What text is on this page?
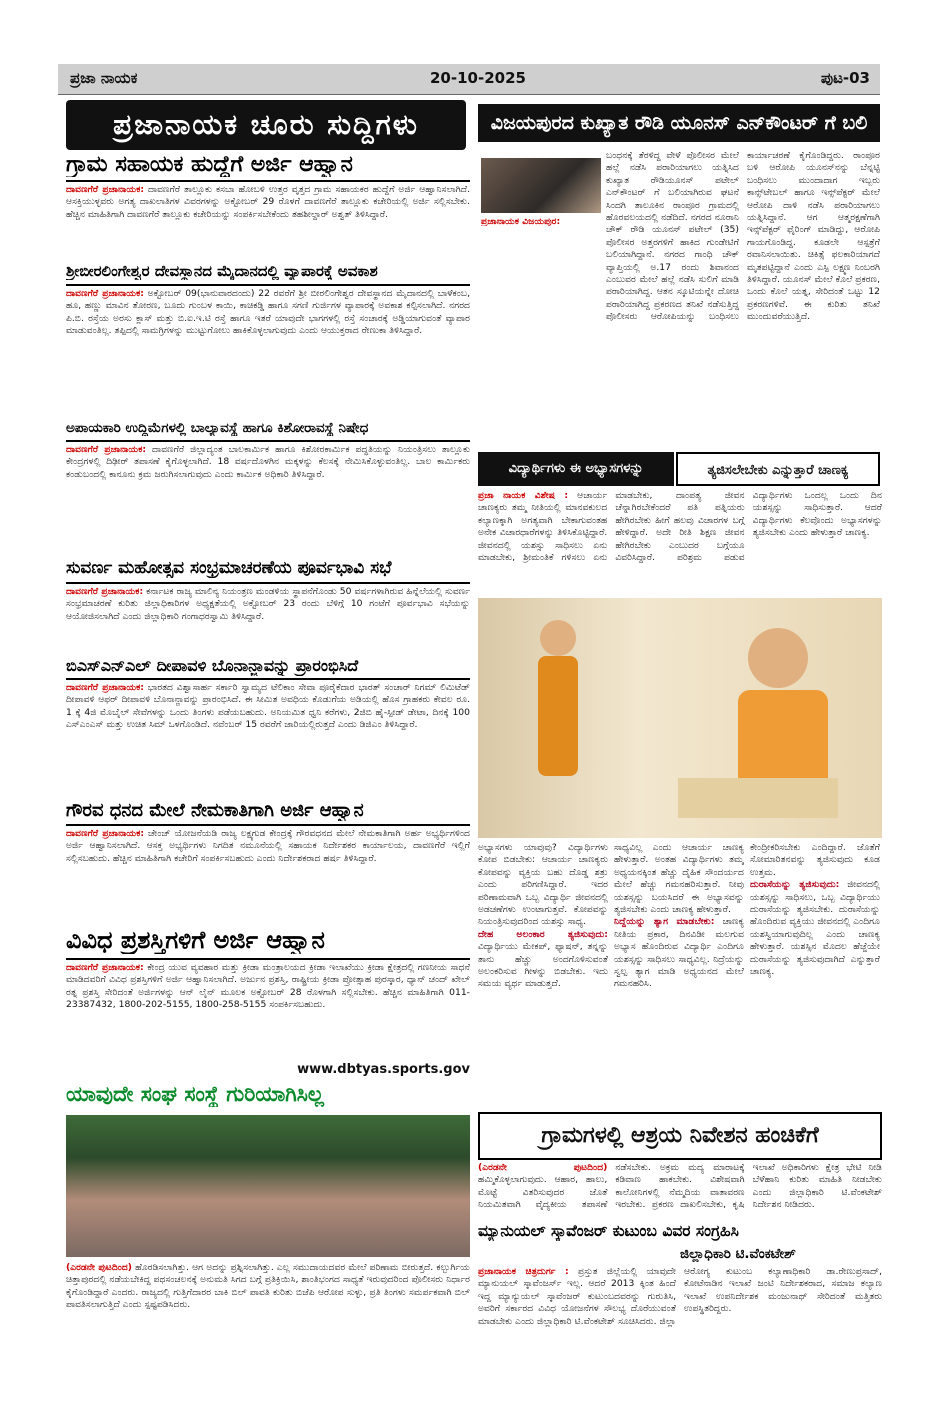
ಪ್ರಜಾ ನಾಯಕ	20-10-2025	ಪುಟ-03
ಪ್ರಜಾನಾಯಕ ಚೂರು ಸುದ್ದಿಗಳು	ವಿಜಯಪುರದ ಕುಖ್ಯಾತ ರೌಡಿ ಯೂನಸ್ ಎನ್‌ಕೌಂಟರ್ ಗೆ ಬಲಿ
ಗ್ರಾಮ ಸಹಾಯಕ ಹುದ್ದೆಗೆ ಅರ್ಜಿ ಆಹ್ವಾನ
ದಾವಣಗೆರೆ ಪ್ರಜಾನಾಯಕ: ದಾವಣಗೆರೆ ತಾಲ್ಲೂಕು ಕಸಬಾ ಹೋಬಳಿ ಉತ್ತರ ವೃತ್ತದ ಗ್ರಾಮ ಸಹಾಯಕರ ಹುದ್ದೆಗೆ ಅರ್ಜಿ ಆಹ್ವಾನಿಸಲಾಗಿದೆ. ಆಸಕ್ತಿಯುಳ್ಳವರು ಅಗತ್ಯ ದಾಖಲಾತಿಗಳ ವಿವರಗಳನ್ನು ಅಕ್ಟೋಬರ್ 29 ರೊಳಗೆ ದಾವಣಗೆರೆ ತಾಲ್ಲೂಕು ಕಚೇರಿಯಲ್ಲಿ ಅರ್ಜಿ ಸಲ್ಲಿಸಬೇಕು. ಹೆಚ್ಚಿನ ಮಾಹಿತಿಗಾಗಿ ದಾವಣಗೆರೆ ತಾಲ್ಲೂಕು ಕಚೇರಿಯನ್ನು ಸಂಪರ್ಕಿಸಬೇಕೆಂದು ತಹಶೀಲ್ದಾರ್ ಅಶ್ವತ್ ತಿಳಿಸಿದ್ದಾರೆ.
ಶ್ರೀಬೀರಲಿಂಗೇಶ್ವರ ದೇವಸ್ಥಾನದ ಮೈದಾನದಲ್ಲಿ ವ್ಯಾಪಾರಕ್ಕೆ ಅವಕಾಶ
ದಾವಣಗೆರೆ ಪ್ರಜಾನಾಯಕ: ಅಕ್ಟೋಬರ್ 09(ಭಾನುವಾರದಂದು) 22 ರವರೆಗೆ ಶ್ರೀ ಬೀರಲಿಂಗೇಶ್ವರ ದೇವಸ್ಥಾನದ ಮೈದಾನದಲ್ಲಿ ಬಾಳೆಕಂಬ, ಹೂ, ಹಣ್ಣು ಮಾವಿನ ತೋರಣ, ಬೂದು ಗುಂಬಳ ಕಾಯಿ, ಕಾಚಿಕಡ್ಡಿ ಹಾಗೂ ಸಗಣಿ ಗುರ್ಜಿಗಳ ವ್ಯಾಪಾರಕ್ಕೆ ಅವಕಾಶ ಕಲ್ಪಿಸಲಾಗಿದೆ. ನಗರದ ಪಿ.ಬಿ. ರಸ್ತೆಯ ಅರಸು ಕ್ಲಾಸ್ ಮತ್ತು ಬಿ.ಐ.ಇ.ಟಿ ರಸ್ತೆ ಹಾಗೂ ಇತರೆ ಯಾವುದೇ ಭಾಗಗಳಲ್ಲಿ ರಸ್ತೆ ಸಂಚಾರಕ್ಕೆ ಅಡ್ಡಿಯಾಗುವಂತೆ ವ್ಯಾಪಾರ ಮಾಡುವಂತಿಲ್ಲ. ತಪ್ಪಿದಲ್ಲಿ ಸಾಮಗ್ರಿಗಳನ್ನು ಮುಟ್ಟುಗೋಲು ಹಾಕಿಕೊಳ್ಳಲಾಗುವುದು ಎಂದು ಆಯುಕ್ತರಾದ ರೇಣುಕಾ ತಿಳಿಸಿದ್ದಾರೆ.
ಅಪಾಯಕಾರಿ ಉದ್ದಿಮೆಗಳಲ್ಲಿ ಬಾಲ್ಯಾವಸ್ಥೆ ಹಾಗೂ ಕಿಶೋರಾವಸ್ಥೆ ನಿಷೇಧ
ದಾವಣಗೆರೆ ಪ್ರಜಾನಾಯಕ: ದಾವಣಗೆರೆ ಜಿಲ್ಲಾದ್ಯಂತ ಬಾಲಕಾರ್ಮಿಕ ಹಾಗೂ ಕಿಶೋರಕಾರ್ಮಿಕ ಪದ್ಧತಿಯನ್ನು ನಿಯಂತ್ರಿಸಲು ತಾಲ್ಲೂಕು ಕೇಂದ್ರಗಳಲ್ಲಿ ದಿಢೀರ್ ತಪಾಸಣೆ ಕೈಗೊಳ್ಳಲಾಗಿದೆ. 18 ವರ್ಷದೊಳಗಿನ ಮಕ್ಕಳನ್ನು ಕೆಲಸಕ್ಕೆ ನೇಮಿಸಿಕೊಳ್ಳುವಂತಿಲ್ಲ. ಬಾಲ ಕಾರ್ಮಿಕರು ಕಂಡುಬಂದಲ್ಲಿ ಕಾನೂನು ಕ್ರಮ ಜರುಗಿಸಲಾಗುವುದು ಎಂದು ಕಾರ್ಮಿಕ ಅಧಿಕಾರಿ ತಿಳಿಸಿದ್ದಾರೆ.
ಸುವರ್ಣ ಮಹೋತ್ಸವ ಸಂಭ್ರಮಾಚರಣೆಯ ಪೂರ್ವಭಾವಿ ಸಭೆ
ದಾವಣಗೆರೆ ಪ್ರಜಾನಾಯಕ: ಕರ್ನಾಟಕ ರಾಜ್ಯ ಮಾಲಿನ್ಯ ನಿಯಂತ್ರಣ ಮಂಡಳಿಯ ಸ್ಥಾಪನೆಗೊಂಡು 50 ವರ್ಷಗಳಾಗಿರುವ ಹಿನ್ನೆಲೆಯಲ್ಲಿ ಸುವರ್ಣ ಸಂಭ್ರಮಾಚರಣೆ ಕುರಿತು ಜಿಲ್ಲಾಧಿಕಾರಿಗಳ ಅಧ್ಯಕ್ಷತೆಯಲ್ಲಿ ಅಕ್ಟೋಬರ್ 23 ರಂದು ಬೆಳಿಗ್ಗೆ 10 ಗಂಟೆಗೆ ಪೂರ್ವಭಾವಿ ಸಭೆಯನ್ನು ಆಯೋಜಿಸಲಾಗಿದೆ ಎಂದು ಜಿಲ್ಲಾಧಿಕಾರಿ ಗಂಗಾಧರಸ್ವಾಮಿ ತಿಳಿಸಿದ್ದಾರೆ.
ಬಿಎಸ್‌ಎನ್‌ಎಲ್ ದೀಪಾವಳಿ ಬೊನಾನ್ಜಾವನ್ನು ಪ್ರಾರಂಭಿಸಿದೆ
ದಾವಣಗೆರೆ ಪ್ರಜಾನಾಯಕ: ಭಾರತದ ವಿಶ್ವಾಸಾರ್ಹ ಸರ್ಕಾರಿ ಸ್ವಾಮ್ಯದ ಟೆಲಿಕಾಂ ಸೇವಾ ಪೂರೈಕೆದಾರ ಭಾರತ್ ಸಂಚಾರ್ ನಿಗಮ್ ಲಿಮಿಟೆಡ್ ದೀಪಾವಳಿ ಆಫರ್ ದೀಪಾವಳಿ ಬೊನಾನ್ಜಾವನ್ನು ಪ್ರಾರಂಭಿಸಿದೆ. ಈ ಸೀಮಿತ ಅವಧಿಯ ಕೊಡುಗೆಯ ಅಡಿಯಲ್ಲಿ ಹೊಸ ಗ್ರಾಹಕರು ಕೇವಲ ರೂ. 1 ಕ್ಕೆ 4ಜಿ ಮೊಬೈಲ್ ಸೇವೆಗಳನ್ನು ಒಂದು ತಿಂಗಳು ಪಡೆಯಬಹುದು. ಅನಿಯಮಿತ ಧ್ವನಿ ಕರೆಗಳು, 2ಜಿಬಿ ಹೈ-ಸ್ಪೀಡ್ ಡೇಟಾ, ದಿನಕ್ಕೆ 100 ಎಸ್‌ಎಂಎಸ್ ಮತ್ತು ಉಚಿತ ಸಿಮ್ ಒಳಗೊಂಡಿದೆ. ನವೆಂಬರ್ 15 ರವರೆಗೆ ಜಾರಿಯಲ್ಲಿರುತ್ತದೆ ಎಂದು ಡಿಜಿಎಂ ತಿಳಿಸಿದ್ದಾರೆ.
ಗೌರವ ಧನದ ಮೇಲೆ ನೇಮಕಾತಿಗಾಗಿ ಅರ್ಜಿ ಆಹ್ವಾನ
ದಾವಣಗೆರೆ ಪ್ರಜಾನಾಯಕ: ಚೇಂಜ್ ಯೋಜನೆಯಡಿ ರಾಜ್ಯ ಲಕ್ಷ್ಯಗುಡ ಕೇಂದ್ರಕ್ಕೆ ಗೌರವಧನದ ಮೇಲೆ ನೇಮಕಾತಿಗಾಗಿ ಅರ್ಹ ಅಭ್ಯರ್ಥಿಗಳಿಂದ ಅರ್ಜಿ ಆಹ್ವಾನಿಸಲಾಗಿದೆ. ಆಸಕ್ತ ಅಭ್ಯರ್ಥಿಗಳು ನಿಗದಿತ ನಮೂನೆಯಲ್ಲಿ ಸಹಾಯಕ ನಿರ್ದೇಶಕರ ಕಾರ್ಯಾಲಯ, ದಾವಣಗೆರೆ ಇಲ್ಲಿಗೆ ಸಲ್ಲಿಸಬಹುದು. ಹೆಚ್ಚಿನ ಮಾಹಿತಿಗಾಗಿ ಕಚೇರಿಗೆ ಸಂಪರ್ಕಿಸಬಹುದು ಎಂದು ನಿರ್ದೇಶಕರಾದ ಹರ್ಷ ತಿಳಿಸಿದ್ದಾರೆ.
ವಿವಿಧ ಪ್ರಶಸ್ತಿಗಳಿಗೆ ಅರ್ಜಿ ಆಹ್ವಾನ
ದಾವಣಗೆರೆ ಪ್ರಜಾನಾಯಕ: ಕೇಂದ್ರ ಯುವ ವ್ಯವಹಾರ ಮತ್ತು ಕ್ರೀಡಾ ಮಂತ್ರಾಲಯದ ಕ್ರೀಡಾ ಇಲಾಖೆಯು ಕ್ರೀಡಾ ಕ್ಷೇತ್ರದಲ್ಲಿ ಗಣನೀಯ ಸಾಧನೆ ಮಾಡಿದವರಿಗೆ ವಿವಿಧ ಪ್ರಶಸ್ತಿಗಳಿಗೆ ಅರ್ಜಿ ಆಹ್ವಾನಿಸಲಾಗಿದೆ. ಅರ್ಜುನ ಪ್ರಶಸ್ತಿ, ರಾಷ್ಟ್ರೀಯ ಕ್ರೀಡಾ ಪ್ರೋತ್ಸಾಹ ಪುರಸ್ಕಾರ, ಧ್ಯಾನ್ ಚಂದ್ ಖೇಲ್ ರತ್ನ ಪ್ರಶಸ್ತಿ ಸೇರಿದಂತೆ ಅರ್ಜಿಗಳನ್ನು ಆನ್ ಲೈನ್ ಮೂಲಕ ಅಕ್ಟೋಬರ್ 28 ರೊಳಗಾಗಿ ಸಲ್ಲಿಸಬೇಕು. ಹೆಚ್ಚಿನ ಮಾಹಿತಿಗಾಗಿ 011-23387432, 1800-202-5155, 1800-258-5155 ಸಂಪರ್ಕಿಸಬಹುದು.
www.dbtyas.sports.gov
ಯಾವುದೇ ಸಂಘ ಸಂಸ್ಥೆ ಗುರಿಯಾಗಿಸಿಲ್ಲ
(ಎರಡನೇ ಪುಟದಿಂದ) ಹೊರಡಿಸಲಾಗಿತ್ತು. ಆಗ ಅದನ್ನು ಪ್ರಶ್ನಿಸಲಾಗಿತ್ತು. ಎಲ್ಲ ಸಮುದಾಯದವರ ಮೇಲೆ ಪರಿಣಾಮ ಬೀರುತ್ತದೆ. ಕಲ್ಬುರ್ಗಿಯ ಚಿತ್ತಾಪುರದಲ್ಲಿ ನಡೆಯಬೇಕಿದ್ದ ಪಥಸಂಚಲನಕ್ಕೆ ಅನುಮತಿ ಸಿಗದ ಬಗ್ಗೆ ಪ್ರತಿಕ್ರಿಯಿಸಿ, ಶಾಂತಿಭಂಗದ ಸಾಧ್ಯತೆ ಇರುವುದರಿಂದ ಪೊಲೀಸರು ನಿರ್ಧಾರ ಕೈಗೊಂಡಿದ್ದಾರೆ ಎಂದರು. ರಾಜ್ಯದಲ್ಲಿ ಗುತ್ತಿಗೆದಾರರ ಬಾಕಿ ಬಿಲ್ ಪಾವತಿ ಕುರಿತು ಬಿಜೆಪಿ ಆರೋಪ ಸುಳ್ಳು, ಪ್ರತಿ ತಿಂಗಳು ಸಮರ್ಪಕವಾಗಿ ಬಿಲ್ ಪಾವತಿಸಲಾಗುತ್ತಿದೆ ಎಂದು ಸ್ಪಷ್ಟಪಡಿಸಿದರು.
ಪ್ರಜಾನಾಯಕ ವಿಜಯಪುರ:
ಬಂಧನಕ್ಕೆ ತೆರಳಿದ್ದ ವೇಳೆ ಪೊಲೀಸರ ಮೇಲೆ ಹಲ್ಲೆ ನಡೆಸಿ ಪರಾರಿಯಾಗಲು ಯತ್ನಿಸಿದ ಕುಖ್ಯಾತ ರೌಡಿಯೂನಸ್ ಪಟೇಲ್ ಎನ್‌ಕೌಂಟರ್ ಗೆ ಬಲಿಯಾಗಿರುವ ಘಟನೆ ಸಿಂದಗಿ ತಾಲೂಕಿನ ರಾಂಪೂರ ಗ್ರಾಮದಲ್ಲಿ ಹೊರವಲಯದಲ್ಲಿ ನಡೆದಿದೆ. ನಗರದ ನೂರಾನಿ ಚೌಕ್ ರೌಡಿ ಯೂನಸ್ ಪಟೇಲ್ (35) ಪೊಲೀಸರ ಅತ್ತರಗಳಿಗೆ ಹಾಕಿದ ಗುಂಡೇಟಿಗೆ ಬಲಿಯಾಗಿದ್ದಾನೆ. ನಗರದ ಗಾಂಧಿ ಚೌಕ್ ವ್ಯಾಪ್ತಿಯಲ್ಲಿ ಅ.17 ರಂದು ಶಿವಾನಂದ ಎಂಬುವರ ಮೇಲೆ ಹಲ್ಲೆ ನಡೆಸಿ ಸುಲಿಗೆ ಮಾಡಿ ಪರಾರಿಯಾಗಿದ್ದ. ಆತನ ಸ್ಕೂಟಿಯನ್ನೇ ದೋಚಿ ಪರಾರಿಯಾಗಿದ್ದ ಪ್ರಕರಣದ ತನಿಖೆ ನಡೆಸುತ್ತಿದ್ದ ಪೊಲೀಸರು ಆರೋಪಿಯನ್ನು ಬಂಧಿಸಲು ಕಾರ್ಯಾಚರಣೆ ಕೈಗೊಂಡಿದ್ದರು. ರಾಂಪೂರ ಬಳಿ ಆರೋಪಿ ಯೂನಸ್‌ನನ್ನು ಬೆನ್ನಟ್ಟಿ ಬಂಧಿಸಲು ಮುಂದಾದಾಗ ಇಬ್ಬರು ಕಾನ್ಸ್‌ಟೇಬಲ್ ಹಾಗೂ ಇನ್ಸ್‌ಪೆಕ್ಟರ್ ಮೇಲೆ ಆರೋಪಿ ದಾಳಿ ನಡೆಸಿ ಪರಾರಿಯಾಗಲು ಯತ್ನಿಸಿದ್ದಾನೆ. ಆಗ ಆತ್ಮರಕ್ಷಣೆಗಾಗಿ ಇನ್ಸ್‌ಪೆಕ್ಟರ್ ಫೈರಿಂಗ್ ಮಾಡಿದ್ದು, ಆರೋಪಿ ಗಾಯಗೊಂಡಿದ್ದ. ಕೂಡಲೇ ಆಸ್ಪತ್ರೆಗೆ ರವಾನಿಸಲಾಯಿತು. ಚಿಕಿತ್ಸೆ ಫಲಕಾರಿಯಾಗದೆ ಮೃತಪಟ್ಟಿದ್ದಾನೆ ಎಂದು ಎಸ್ಪಿ ಲಕ್ಷ್ಮಣ ನಿಂಬರಗಿ ತಿಳಿಸಿದ್ದಾರೆ. ಯೂನಸ್ ಮೇಲೆ ಕೊಲೆ ಪ್ರಕರಣ, ಒಂದು ಕೊಲೆ ಯತ್ನ, ಸೇರಿದಂತೆ ಒಟ್ಟು 12 ಪ್ರಕರಣಗಳಿವೆ. ಈ ಕುರಿತು ತನಿಖೆ ಮುಂದುವರೆಯುತ್ತಿದೆ.
ವಿದ್ಯಾರ್ಥಿಗಳು ಈ ಅಭ್ಯಾಸಗಳನ್ನು	ತ್ಯಜಿಸಲೇಬೇಕು ಎನ್ನುತ್ತಾರೆ ಚಾಣಕ್ಯ
ಪ್ರಜಾ ನಾಯಕ ವಿಶೇಷ : ಆಚಾರ್ಯ ಚಾಣಕ್ಯರು ತಮ್ಮ ನೀತಿಯಲ್ಲಿ ಮಾನವಕುಲದ ಕಲ್ಯಾಣಕ್ಕಾಗಿ ಅಗತ್ಯವಾಗಿ ಬೇಕಾಗುವಂತಹ ಅನೇಕ ವಿಚಾರಧಾರೆಗಳನ್ನು ತಿಳಿಸಿಕೊಟ್ಟಿದ್ದಾರೆ. ಜೀವನದಲ್ಲಿ ಯಶಸ್ಸು ಸಾಧಿಸಲು ಏನು ಮಾಡಬೇಕು, ಶ್ರೀಮಂತಿಕೆ ಗಳಿಸಲು ಏನು ಮಾಡಬೇಕು, ದಾಂಪತ್ಯ ಜೀವನ ಚೆನ್ನಾಗಿರಬೇಕೆಂದರೆ ಪತಿ ಪತ್ನಿಯರು ಹೇಗಿರಬೇಕು ಹೀಗೆ ಹಲವು ವಿಚಾರಗಳ ಬಗ್ಗೆ ಹೇಳಿದ್ದಾರೆ. ಅದೇ ರೀತಿ ಶಿಕ್ಷಣ ಜೀವನ ಹೇಗಿರಬೇಕು ಎಂಬುದರ ಬಗ್ಗೆಯೂ ವಿವರಿಸಿದ್ದಾರೆ. ಪರಿಶ್ರಮ ಪಡುವ ವಿದ್ಯಾರ್ಥಿಗಳು ಒಂದಲ್ಲ ಒಂದು ದಿನ ಯಶಸ್ಸನ್ನು ಸಾಧಿಸುತ್ತಾರೆ. ಆದರೆ ವಿದ್ಯಾರ್ಥಿಗಳು ಕೆಲವೊಂದು ಅಭ್ಯಾಸಗಳನ್ನು ತ್ಯಜಿಸಬೇಕು ಎಂದು ಹೇಳುತ್ತಾರೆ ಚಾಣಕ್ಯ.
ಅಭ್ಯಾಸಗಳು ಯಾವುವು? ವಿದ್ಯಾರ್ಥಿಗಳು ಕೋಪ ಬಿಡಬೇಕು: ಆಚಾರ್ಯ ಚಾಣಕ್ಯರು ಕೋಪವನ್ನು ವ್ಯಕ್ತಿಯ ಬಹು ದೊಡ್ಡ ಶತ್ರು ಎಂದು ಪರಿಗಣಿಸಿದ್ದಾರೆ. ಇದರ ಪರಿಣಾಮವಾಗಿ ಒಬ್ಬ ವಿದ್ಯಾರ್ಥಿ ಜೀವನದಲ್ಲಿ ಅಡಚಣೆಗಳು ಉಂಟಾಗುತ್ತವೆ. ಕೋಪವನ್ನು ನಿಯಂತ್ರಿಸುವುದರಿಂದ ಯಶಸ್ಸು ಸಾಧ್ಯ.
ದೇಹ ಅಲಂಕಾರ ತ್ಯಜಿಸುವುದು: ವಿದ್ಯಾರ್ಥಿಯು ಮೇಕಪ್, ಫ್ಯಾಷನ್, ತನ್ನನ್ನು ತಾನು ಹೆಚ್ಚು ಅಂದಗೊಳಿಸುವಂತೆ ಅಲಂಕರಿಸುವ ಗೀಳನ್ನು ಬಿಡಬೇಕು. ಇದು ಸಮಯ ವ್ಯರ್ಥ ಮಾಡುತ್ತದೆ.
ಸಾಧ್ಯವಿಲ್ಲ ಎಂದು ಆಚಾರ್ಯ ಚಾಣಕ್ಯ ಹೇಳುತ್ತಾರೆ. ಅಂತಹ ವಿದ್ಯಾರ್ಥಿಗಳು ತಮ್ಮ ಅಧ್ಯಯನಕ್ಕಿಂತ ಹೆಚ್ಚು ದೈಹಿಕ ಸೌಂದರ್ಯದ ಮೇಲೆ ಹೆಚ್ಚು ಗಮನಹರಿಸುತ್ತಾರೆ. ನೀವು ಯಶಸ್ಸನ್ನು ಬಯಸಿದರೆ ಈ ಅಭ್ಯಾಸವನ್ನು ತ್ಯಜಿಸಬೇಕು ಎಂದು ಚಾಣಕ್ಯ ಹೇಳುತ್ತಾರೆ.
ನಿದ್ದೆಯನ್ನು ತ್ಯಾಗ ಮಾಡಬೇಕು: ಚಾಣಕ್ಯ ನೀತಿಯ ಪ್ರಕಾರ, ದಿನವಿಡೀ ಮಲಗುವ ಅಭ್ಯಾಸ ಹೊಂದಿರುವ ವಿದ್ಯಾರ್ಥಿ ಎಂದಿಗೂ ಯಶಸ್ಸನ್ನು ಸಾಧಿಸಲು ಸಾಧ್ಯವಿಲ್ಲ. ನಿದ್ರೆಯನ್ನು ಸ್ವಲ್ಪ ತ್ಯಾಗ ಮಾಡಿ ಅಧ್ಯಯನದ ಮೇಲೆ ಗಮನಹರಿಸಿ.
ಕೇಂದ್ರೀಕರಿಸಬೇಕು ಎಂದಿದ್ದಾರೆ. ಜೊತೆಗೆ ಸೋಮಾರಿತನವನ್ನು ತ್ಯಜಿಸುವುದು ಕೂಡ ಉತ್ತಮ.
ದುರಾಸೆಯನ್ನು ತ್ಯಜಿಸುವುದು: ಜೀವನದಲ್ಲಿ ಯಶಸ್ಸನ್ನು ಸಾಧಿಸಲು, ಒಬ್ಬ ವಿದ್ಯಾರ್ಥಿಯು ದುರಾಸೆಯನ್ನು ತ್ಯಜಿಸಬೇಕು. ದುರಾಸೆಯನ್ನು ಹೊಂದಿರುವ ವ್ಯಕ್ತಿಯು ಜೀವನದಲ್ಲಿ ಎಂದಿಗೂ ಯಶಸ್ವಿಯಾಗುವುದಿಲ್ಲ ಎಂದು ಚಾಣಕ್ಯ ಹೇಳುತ್ತಾರೆ. ಯಶಸ್ಸಿನ ಮೊದಲ ಹೆಜ್ಜೆಯೇ ದುರಾಸೆಯನ್ನು ತ್ಯಜಿಸುವುದಾಗಿದೆ ಎನ್ನುತ್ತಾರೆ ಚಾಣಕ್ಯ.
ಗ್ರಾಮಗಳಲ್ಲಿ ಆಶ್ರಯ ನಿವೇಶನ ಹಂಚಿಕೆಗೆ
(ಎರಡನೇ ಪುಟದಿಂದ) ಹಮ್ಮಿಕೊಳ್ಳಲಾಗುವುದು. ಆಹಾರ, ಹಾಲು, ಮೊಟ್ಟೆ ವಿತರಿಸುವುದರ ಜೊತೆ ನಿಯಮಿತವಾಗಿ ವೈದ್ಯಕೀಯ ತಪಾಸಣೆ ನಡೆಸಬೇಕು. ಅಕ್ರಮ ಮದ್ಯ ಮಾರಾಟಕ್ಕೆ ಕಡಿವಾಣ ಹಾಕಬೇಕು. ವಿಶೇಷವಾಗಿ ಕಾಲೋನಿಗಳಲ್ಲಿ ನೆಮ್ಮದಿಯ ವಾತಾವರಣ ಇರಬೇಕು. ಪ್ರಕರಣ ದಾಖಲಿಸಬೇಕು, ಕೃಷಿ ಇಲಾಖೆ ಅಧಿಕಾರಿಗಳು ಕ್ಷೇತ್ರ ಭೇಟಿ ನೀಡಿ ಬೆಳೆಹಾನಿ ಕುರಿತು ಮಾಹಿತಿ ನೀಡಬೇಕು ಎಂದು ಜಿಲ್ಲಾಧಿಕಾರಿ ಟಿ.ವೆಂಕಟೇಶ್ ನಿರ್ದೇಶನ ನೀಡಿದರು.
ಮ್ಯಾನುಯಲ್ ಸ್ಕಾವೆಂಜರ್ ಕುಟುಂಬ ವಿವರ ಸಂಗ್ರಹಿಸಿ
ಜಿಲ್ಲಾಧಿಕಾರಿ ಟಿ.ವೆಂಕಟೇಶ್
ಪ್ರಜಾನಾಯಕ ಚಿತ್ರದುರ್ಗ : ಪ್ರಸ್ತುತ ಜಿಲ್ಲೆಯಲ್ಲಿ ಯಾವುದೇ ಮ್ಯಾನುಯಲ್ ಸ್ಕಾವೆಂಜರ್ಸ್ ಇಲ್ಲ. ಆದರೆ 2013 ಕ್ಕಿಂತ ಹಿಂದೆ ಇದ್ದ ಮ್ಯಾನ್ಯುಯಲ್ ಸ್ಕಾವೆಂಜರ್ ಕುಟುಂಬದವರನ್ನು ಗುರುತಿಸಿ, ಅವರಿಗೆ ಸರ್ಕಾರದ ವಿವಿಧ ಯೋಜನೆಗಳ ಸೌಲಭ್ಯ ದೊರೆಯುವಂತೆ ಮಾಡಬೇಕು ಎಂದು ಜಿಲ್ಲಾಧಿಕಾರಿ ಟಿ.ವೆಂಕಟೇಶ್ ಸೂಚಿಸಿದರು. ಜಿಲ್ಲಾ ಆರೋಗ್ಯ ಕುಟುಂಬ ಕಲ್ಯಾಣಾಧಿಕಾರಿ ಡಾ.ರೇಣುಪ್ರಸಾದ್, ಕೋಟೆನಾಡಿನ ಇಲಾಖೆ ಜಂಟಿ ನಿರ್ದೇಶಕರಾದ, ಸಮಾಜ ಕಲ್ಯಾಣ ಇಲಾಖೆ ಉಪನಿರ್ದೇಶಕ ಮಂಜುನಾಥ್ ಸೇರಿದಂತೆ ಮತ್ತಿತರು ಉಪಸ್ಥಿತರಿದ್ದರು.
